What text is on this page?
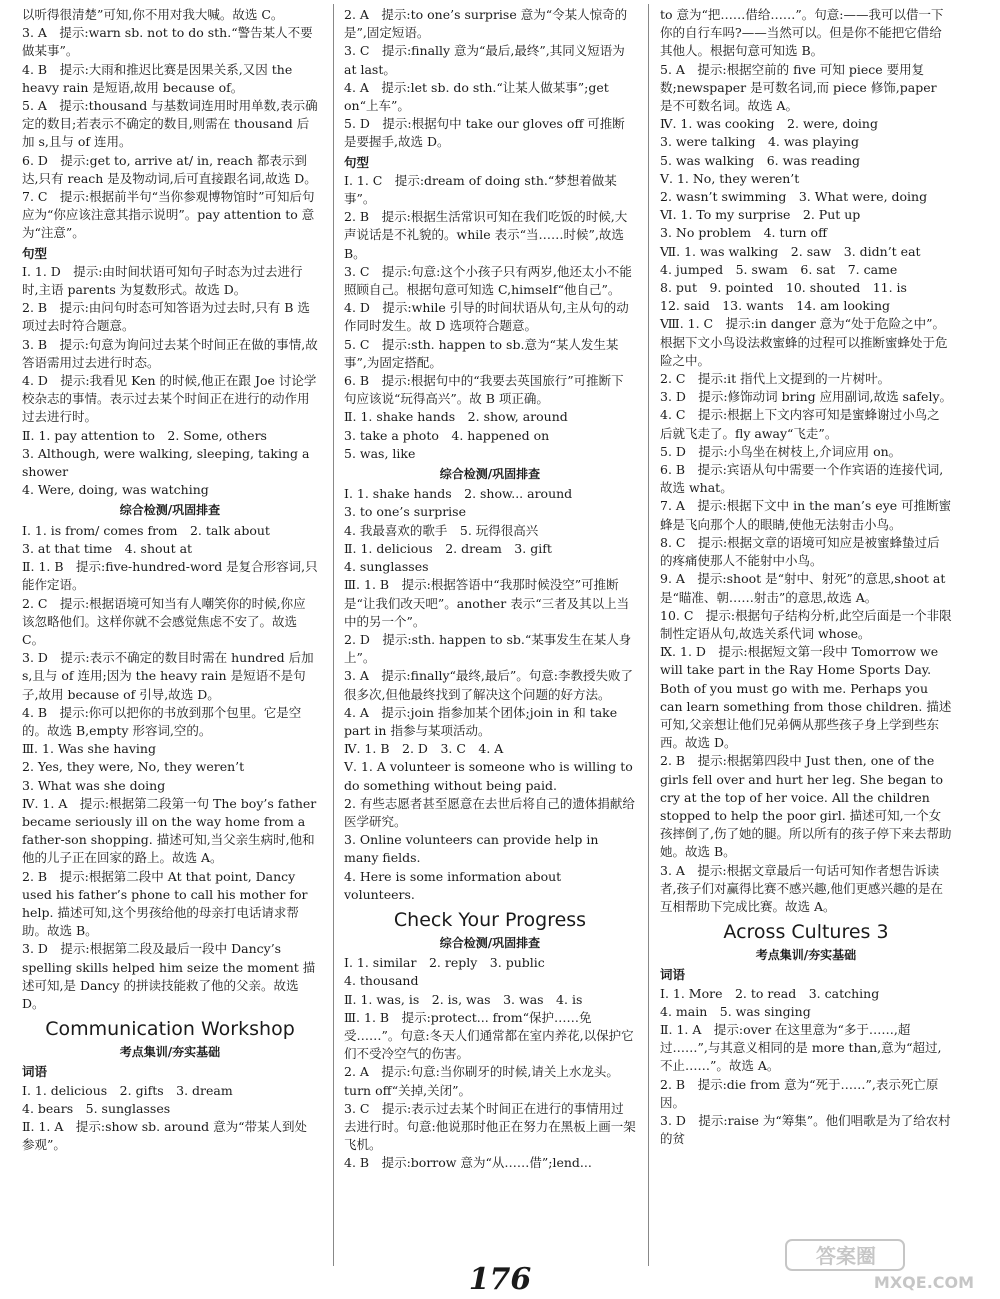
以听得很清楚”可知,你不用对我大喊。故选 C。

3. A　提示:warn sb. not to do sth.“警告某人不要做某事”。

4. B　提示:大雨和推迟比赛是因果关系,又因 the heavy rain 是短语,故用 because of。

5. A　提示:thousand 与基数词连用时用单数,表示确定的数目;若表示不确定的数目,则需在 thousand 后加 s,且与 of 连用。

6. D　提示:get to, arrive at/ in, reach 都表示到达,只有 reach 是及物动词,后可直接跟名词,故选 D。

7. C　提示:根据前半句“当你参观博物馆时”可知后句应为“你应该注意其指示说明”。pay attention to 意为“注意”。

句型

Ⅰ. 1. D　提示:由时间状语可知句子时态为过去进行时,主语 parents 为复数形式。故选 D。

2. B　提示:由问句时态可知答语为过去时,只有 B 选项过去时符合题意。

3. B　提示:句意为询问过去某个时间正在做的事情,故答语需用过去进行时态。

4. D　提示:我看见 Ken 的时候,他正在跟 Joe 讨论学校杂志的事情。表示过去某个时间正在进行的动作用过去进行时。

Ⅱ. 1. pay attention to　2. Some, others

3. Although, were walking, sleeping, taking a shower

4. Were, doing, was watching

综合检测/巩固排查

Ⅰ. 1. is from/ comes from　2. talk about

3. at that time　4. shout at

Ⅱ. 1. B　提示:five-hundred-word 是复合形容词,只能作定语。

2. C　提示:根据语境可知当有人嘲笑你的时候,你应该忽略他们。这样你就不会感觉焦虑不安了。故选 C。

3. D　提示:表示不确定的数目时需在 hundred 后加 s,且与 of 连用;因为 the heavy rain 是短语不是句子,故用 because of 引导,故选 D。

4. B　提示:你可以把你的书放到那个包里。它是空的。故选 B,empty 形容词,空的。

Ⅲ. 1. Was she having

2. Yes, they were, No, they weren’t

3. What was she doing

Ⅳ. 1. A　提示:根据第二段第一句 The boy’s father became seriously ill on the way home from a father-son shopping. 描述可知,当父亲生病时,他和他的儿子正在回家的路上。故选 A。

2. B　提示:根据第二段中 At that point, Dancy used his father’s phone to call his mother for help. 描述可知,这个男孩给他的母亲打电话请求帮助。故选 B。

3. D　提示:根据第二段及最后一段中 Dancy’s spelling skills helped him seize the moment 描述可知,是 Dancy 的拼读技能救了他的父亲。故选 D。

Communication Workshop

考点集训/夯实基础

词语

Ⅰ. 1. delicious　2. gifts　3. dream

4. bears　5. sunglasses

Ⅱ. 1. A　提示:show sb. around 意为“带某人到处参观”。

2. A　提示:to one’s surprise 意为“令某人惊奇的是”,固定短语。

3. C　提示:finally 意为“最后,最终”,其同义短语为 at last。

4. A　提示:let sb. do sth.“让某人做某事”;get on“上车”。

5. D　提示:根据句中 take our gloves off 可推断是要握手,故选 D。

句型

Ⅰ. 1. C　提示:dream of doing sth.“梦想着做某事”。

2. B　提示:根据生活常识可知在我们吃饭的时候,大声说话是不礼貌的。while 表示“当……时候”,故选 B。

3. C　提示:句意:这个小孩子只有两岁,他还太小不能照顾自己。根据句意可知选 C,himself“他自己”。

4. D　提示:while 引导的时间状语从句,主从句的动作同时发生。故 D 选项符合题意。

5. C　提示:sth. happen to sb.意为“某人发生某事”,为固定搭配。

6. B　提示:根据句中的“我要去英国旅行”可推断下句应该说“玩得高兴”。故 B 项正确。

Ⅱ. 1. shake hands　2. show, around

3. take a photo　4. happened on

5. was, like

综合检测/巩固排查

Ⅰ. 1. shake hands　2. show... around

3. to one’s surprise

4. 我最喜欢的歌手　5. 玩得很高兴

Ⅱ. 1. delicious　2. dream　3. gift

4. sunglasses

Ⅲ. 1. B　提示:根据答语中“我那时候没空”可推断是“让我们改天吧”。another 表示“三者及其以上当中的另一个”。

2. D　提示:sth. happen to sb.“某事发生在某人身上”。

3. A　提示:finally“最终,最后”。句意:李教授失败了很多次,但他最终找到了解决这个问题的好方法。

4. A　提示:join 指参加某个团体;join in 和 take part in 指参与某项活动。

Ⅳ. 1. B　2. D　3. C　4. A

Ⅴ. 1. A volunteer is someone who is willing to do something without being paid.

2. 有些志愿者甚至愿意在去世后将自己的遗体捐献给医学研究。

3. Online volunteers can provide help in many fields.

4. Here is some information about volunteers.

Check Your Progress

综合检测/巩固排查

Ⅰ. 1. similar　2. reply　3. public

4. thousand

Ⅱ. 1. was, is　2. is, was　3. was　4. is

Ⅲ. 1. B　提示:protect... from“保护……免受……”。句意:冬天人们通常都在室内养花,以保护它们不受冷空气的伤害。

2. A　提示:句意:当你刷牙的时候,请关上水龙头。turn off“关掉,关闭”。

3. C　提示:表示过去某个时间正在进行的事情用过去进行时。句意:他说那时他正在努力在黑板上画一架飞机。

4. B　提示:borrow 意为“从……借”;lend...

to 意为“把……借给……”。句意:——我可以借一下你的自行车吗?——当然可以。但是你不能把它借给其他人。根据句意可知选 B。

5. A　提示:根据空前的 five 可知 piece 要用复数;newspaper 是可数名词,而 piece 修饰,paper 是不可数名词。故选 A。

Ⅳ. 1. was cooking　2. were, doing

3. were talking　4. was playing

5. was walking　6. was reading

Ⅴ. 1. No, they weren’t

2. wasn’t swimming　3. What were, doing

Ⅵ. 1. To my surprise　2. Put up

3. No problem　4. turn off

Ⅶ. 1. was walking　2. saw　3. didn’t eat

4. jumped　5. swam　6. sat　7. came

8. put　9. pointed　10. shouted　11. is

12. said　13. wants　14. am looking

Ⅷ. 1. C　提示:in danger 意为“处于危险之中”。根据下文小鸟设法救蜜蜂的过程可以推断蜜蜂处于危险之中。

2. C　提示:it 指代上文提到的一片树叶。

3. D　提示:修饰动词 bring 应用副词,故选 safely。

4. C　提示:根据上下文内容可知是蜜蜂谢过小鸟之后就飞走了。fly away“飞走”。

5. D　提示:小鸟坐在树枝上,介词应用 on。

6. B　提示:宾语从句中需要一个作宾语的连接代词,故选 what。

7. A　提示:根据下文中 in the man’s eye 可推断蜜蜂是飞向那个人的眼睛,使他无法射击小鸟。

8. C　提示:根据文章的语境可知应是被蜜蜂蛰过后的疼痛使那人不能射中小鸟。

9. A　提示:shoot 是“射中、射死”的意思,shoot at 是“瞄准、朝……射击”的意思,故选 A。

10. C　提示:根据句子结构分析,此空后面是一个非限制性定语从句,故选关系代词 whose。

Ⅸ. 1. D　提示:根据短文第一段中 Tomorrow we will take part in the Ray Home Sports Day. Both of you must go with me. Perhaps you can learn something from those children. 描述可知,父亲想让他们兄弟俩从那些孩子身上学到些东西。故选 D。

2. B　提示:根据第四段中 Just then, one of the girls fell over and hurt her leg. She began to cry at the top of her voice. All the children stopped to help the poor girl. 描述可知,一个女孩摔倒了,伤了她的腿。所以所有的孩子停下来去帮助她。故选 B。

3. A　提示:根据文章最后一句话可知作者想告诉读者,孩子们对赢得比赛不感兴趣,他们更感兴趣的是在互相帮助下完成比赛。故选 A。

Across Cultures 3

考点集训/夯实基础

词语

Ⅰ. 1. More　2. to read　3. catching

4. main　5. was singing

Ⅱ. 1. A　提示:over 在这里意为“多于……,超过……”,与其意义相同的是 more than,意为“超过,不止……”。故选 A。

2. B　提示:die from 意为“死于……”,表示死亡原因。

3. D　提示:raise 为“筹集”。他们唱歌是为了给农村的贫

176
答案圈
MXQE.COM
